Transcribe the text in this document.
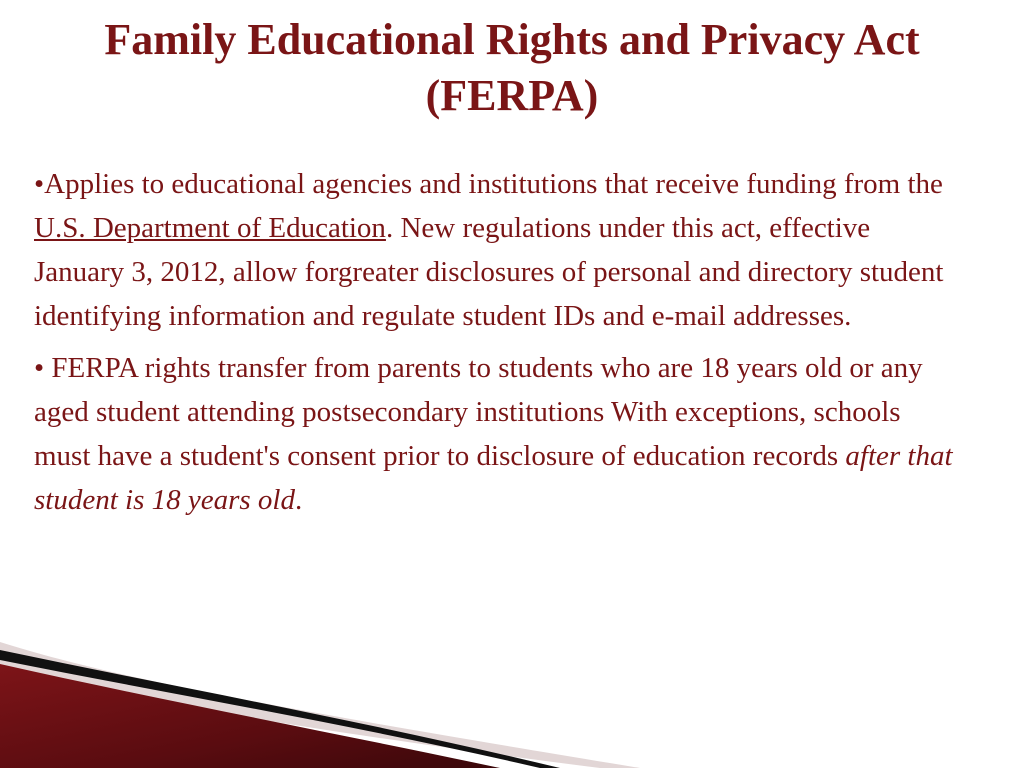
Family Educational Rights and Privacy Act
(FERPA)

•Applies to educational agencies and institutions that receive funding from the U.S. Department of Education. New regulations under this act, effective January 3, 2012, allow forgreater disclosures of personal and directory student identifying information and regulate student IDs and e-mail addresses.

• FERPA rights transfer from parents to students who are 18 years old or any aged student attending postsecondary institutions With exceptions, schools must have a student's consent prior to disclosure of education records after that student is 18 years old.
